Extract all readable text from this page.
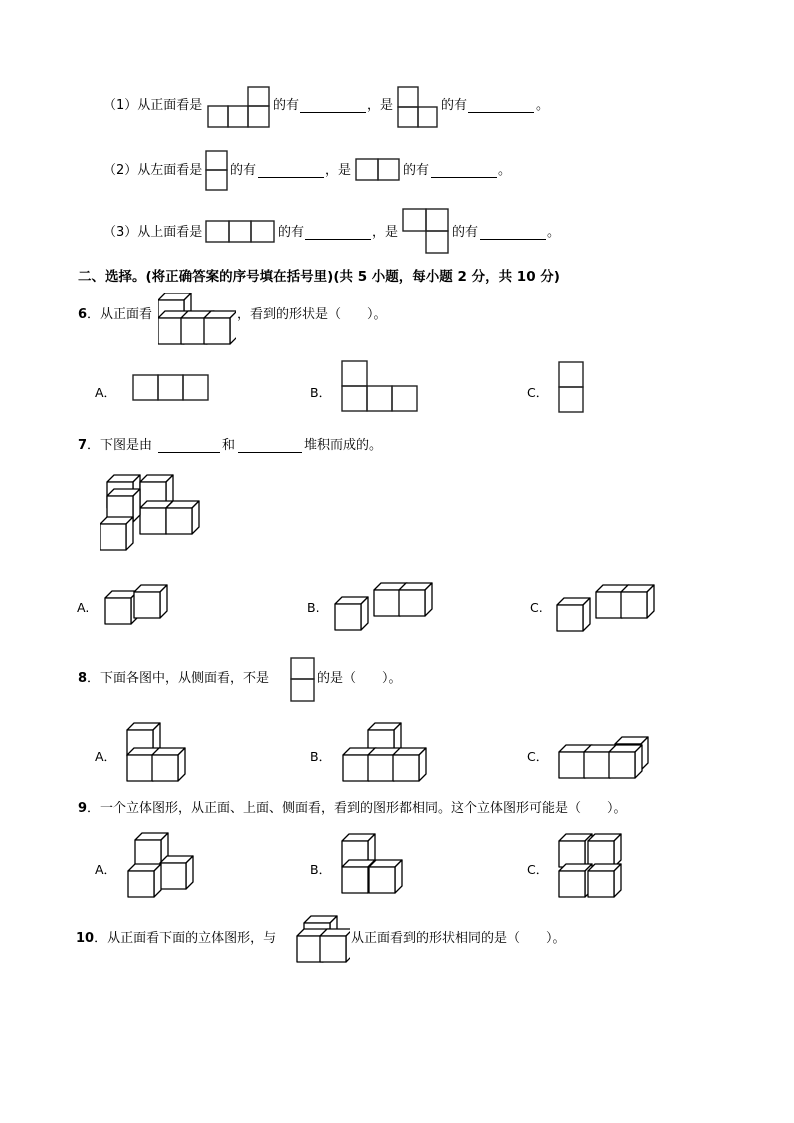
（1）从正面看是	的有	，是	的有	。
（2）从左面看是 的有	，是	的有	。
（3）从上面看是	的有	，是	的有	。
二、选择。(将正确答案的序号填在括号里)(共 5 小题，每小题 2 分，共 10 分)
6．从正面看	，看到的形状是（　　）。
A．	B．	C．
7．下图是由	和	堆积而成的。
A.	B.	C.
8．下面各图中，从侧面看，不是	的是（　　）。
A．	B．	C．
9．一个立体图形，从正面、上面、侧面看，看到的图形都相同。这个立体图形可能是（　　）。
A．	B．	C．
10．从正面看下面的立体图形，与	从正面看到的形状相同的是（　　）。
